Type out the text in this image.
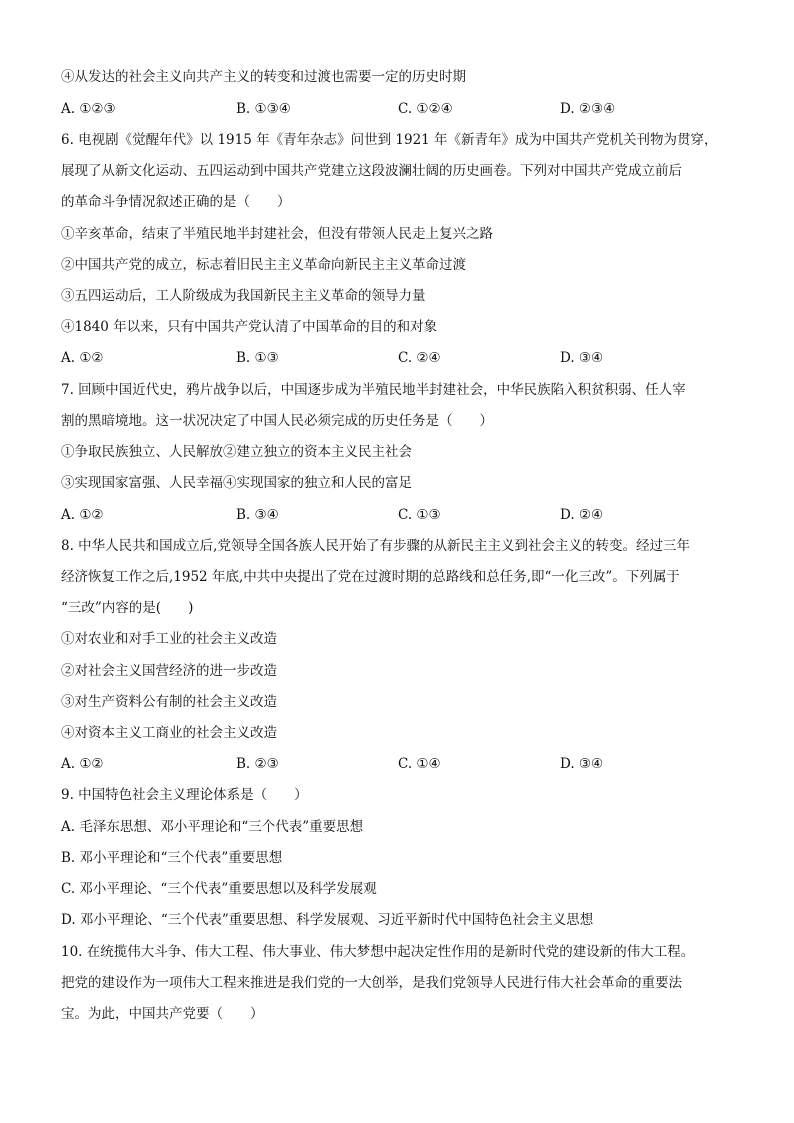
④从发达的社会主义向共产主义的转变和过渡也需要一定的历史时期
A. ①②③	B. ①③④	C. ①②④	D. ②③④
6. 电视剧《觉醒年代》以 1915 年《青年杂志》问世到 1921 年《新青年》成为中国共产党机关刊物为贯穿，
展现了从新文化运动、五四运动到中国共产党建立这段波澜壮阔的历史画卷。下列对中国共产党成立前后
的革命斗争情况叙述正确的是（　　）
①辛亥革命，结束了半殖民地半封建社会，但没有带领人民走上复兴之路
②中国共产党的成立，标志着旧民主主义革命向新民主主义革命过渡
③五四运动后，工人阶级成为我国新民主主义革命的领导力量
④1840 年以来，只有中国共产党认清了中国革命的目的和对象
A. ①②	B. ①③	C. ②④	D. ③④
7. 回顾中国近代史，鸦片战争以后，中国逐步成为半殖民地半封建社会，中华民族陷入积贫积弱、任人宰
割的黑暗境地。这一状况决定了中国人民必须完成的历史任务是（　　）
①争取民族独立、人民解放②建立独立的资本主义民主社会
③实现国家富强、人民幸福④实现国家的独立和人民的富足
A. ①②	B. ③④	C. ①③	D. ②④
8. 中华人民共和国成立后,党领导全国各族人民开始了有步骤的从新民主主义到社会主义的转变。经过三年
经济恢复工作之后,1952 年底,中共中央提出了党在过渡时期的总路线和总任务,即“一化三改”。下列属于
“三改”内容的是(　　)
①对农业和对手工业的社会主义改造
②对社会主义国营经济的进一步改造
③对生产资料公有制的社会主义改造
④对资本主义工商业的社会主义改造
A. ①②	B. ②③	C. ①④	D. ③④
9. 中国特色社会主义理论体系是（　　）
A. 毛泽东思想、邓小平理论和“三个代表”重要思想
B. 邓小平理论和“三个代表”重要思想
C. 邓小平理论、“三个代表”重要思想以及科学发展观
D. 邓小平理论、“三个代表”重要思想、科学发展观、习近平新时代中国特色社会主义思想
10. 在统揽伟大斗争、伟大工程、伟大事业、伟大梦想中起决定性作用的是新时代党的建设新的伟大工程。
把党的建设作为一项伟大工程来推进是我们党的一大创举，是我们党领导人民进行伟大社会革命的重要法
宝。为此，中国共产党要（　　）
